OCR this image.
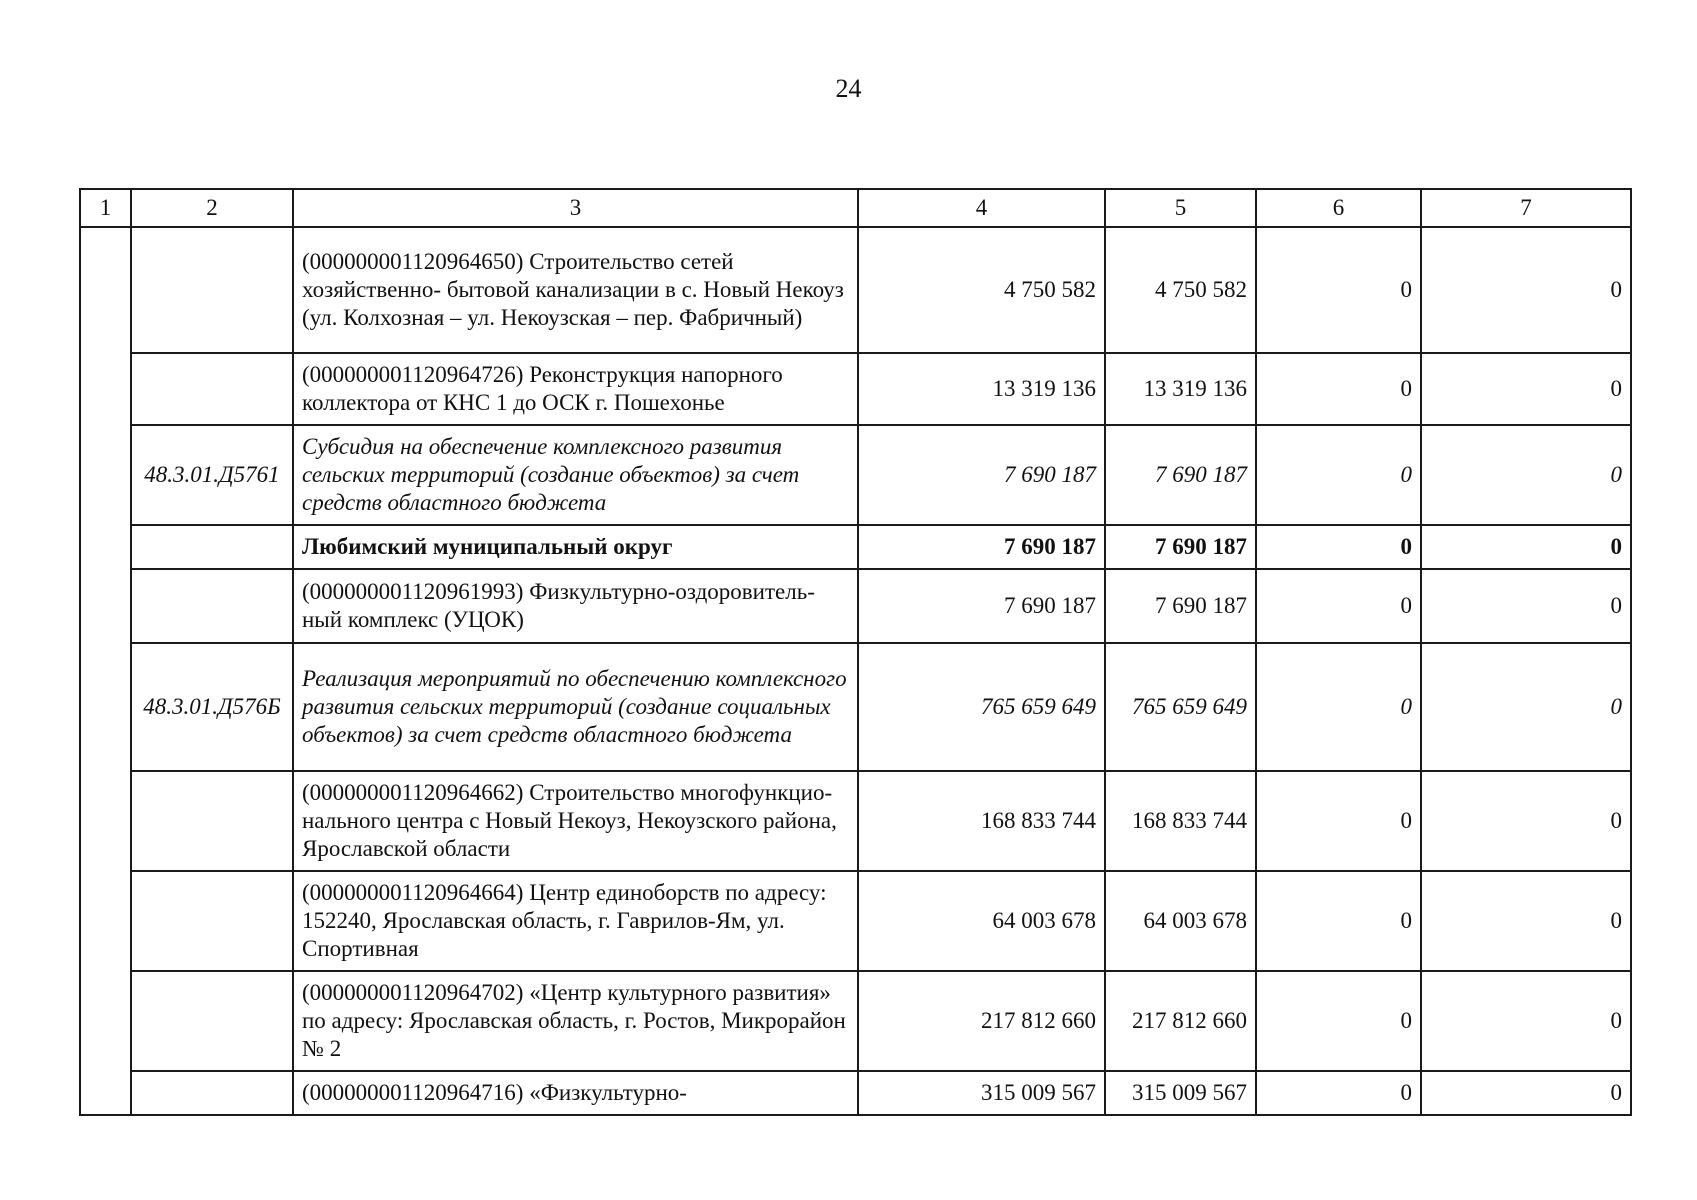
24
1	2	3	4	5	6	7
		(000000001120964650) Строительство сетей хозяйственно- бытовой канализации в с. Новый Некоуз (ул. Колхозная – ул. Некоузская – пер. Фабричный)	4 750 582	4 750 582	0	0
		(000000001120964726) Реконструкция напорного коллектора от КНС 1 до ОСК г. Пошехонье	13 319 136	13 319 136	0	0
	48.3.01.Д5761	Субсидия на обеспечение комплексного развития сельских территорий (создание объектов) за счет средств областного бюджета	7 690 187	7 690 187	0	0
		Любимский муниципальный округ	7 690 187	7 690 187	0	0
		(000000001120961993) Физкультурно-оздоровитель-ный комплекс (УЦОК)	7 690 187	7 690 187	0	0
	48.3.01.Д576Б	Реализация мероприятий по обеспечению комплексного развития сельских территорий (создание социальных объектов) за счет средств областного бюджета	765 659 649	765 659 649	0	0
		(000000001120964662) Строительство многофункцио-нального центра с Новый Некоуз, Некоузского района, Ярославской области	168 833 744	168 833 744	0	0
		(000000001120964664) Центр единоборств по адресу: 152240, Ярославская область, г. Гаврилов-Ям, ул. Спортивная	64 003 678	64 003 678	0	0
		(000000001120964702) «Центр культурного развития» по адресу: Ярославская область, г. Ростов, Микрорайон № 2	217 812 660	217 812 660	0	0
		(000000001120964716) «Физкультурно-	315 009 567	315 009 567	0	0
